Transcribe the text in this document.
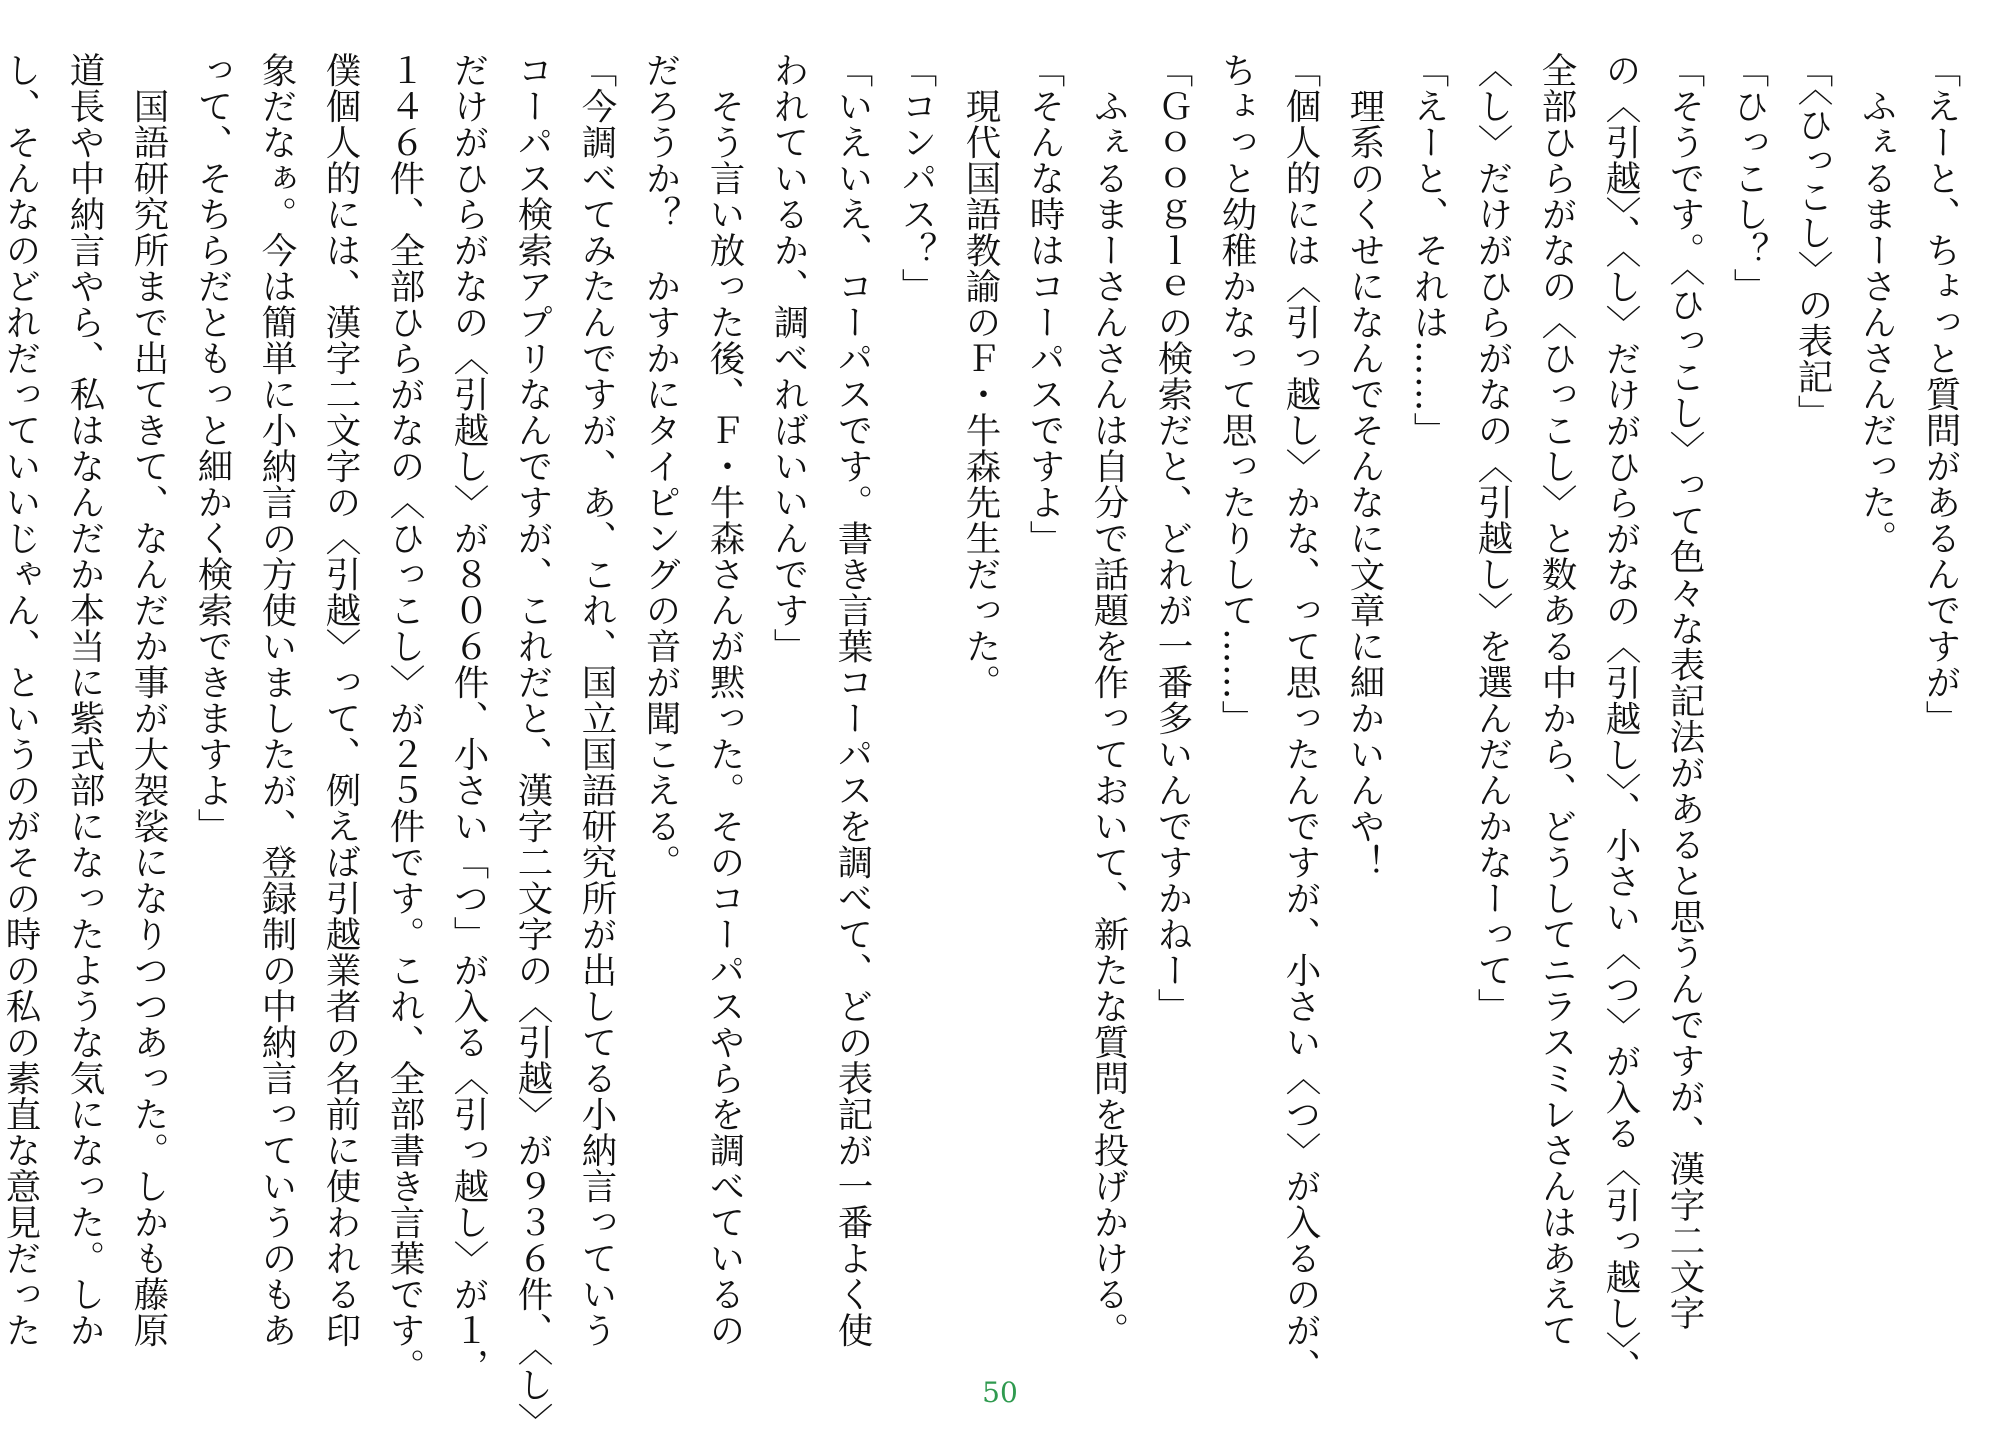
「えーと、ちょっと質問があるんですが」
　ふぇるまーさんさんだった。
「〈ひっこし〉の表記」
「ひっこし？」
「そうです。〈ひっこし〉って色々な表記法があると思うんですが、漢字二文字
の〈引越〉、〈し〉だけがひらがなの〈引越し〉、小さい〈つ〉が入る〈引っ越し〉、
全部ひらがなの〈ひっこし〉と数ある中から、どうしてニラスミレさんはあえて
〈し〉だけがひらがなの〈引越し〉を選んだんかなーって」
「えーと、それは……」
　理系のくせになんでそんなに文章に細かいんや！
「個人的には〈引っ越し〉かな、って思ったんですが、小さい〈つ〉が入るのが、
ちょっと幼稚かなって思ったりして……」
「Ｇｏｏｇｌｅの検索だと、どれが一番多いんですかねー」
　ふぇるまーさんさんは自分で話題を作っておいて、新たな質問を投げかける。
「そんな時はコーパスですよ」
　現代国語教諭のＦ・牛森先生だった。
「コンパス？」
「いえいえ、コーパスです。書き言葉コーパスを調べて、どの表記が一番よく使
われているか、調べればいいんです」
　そう言い放った後、Ｆ・牛森さんが黙った。そのコーパスやらを調べているの
だろうか？　かすかにタイピングの音が聞こえる。
「今調べてみたんですが、あ、これ、国立国語研究所が出してる小納言っていう
コーパス検索アプリなんですが、これだと、漢字二文字の〈引越〉が９３６件、〈し〉
だけがひらがなの〈引越し〉が８０６件、小さい「つ」が入る〈引っ越し〉が１，
１４６件、全部ひらがなの〈ひっこし〉が２５件です。これ、全部書き言葉です。
僕個人的には、漢字二文字の〈引越〉って、例えば引越業者の名前に使われる印
象だなぁ。今は簡単に小納言の方使いましたが、登録制の中納言っていうのもあ
って、そちらだともっと細かく検索できますよ」
　国語研究所まで出てきて、なんだか事が大袈裟になりつつあった。しかも藤原
道長や中納言やら、私はなんだか本当に紫式部になったような気になった。しか
し、そんなのどれだっていいじゃん、というのがその時の私の素直な意見だった
50
